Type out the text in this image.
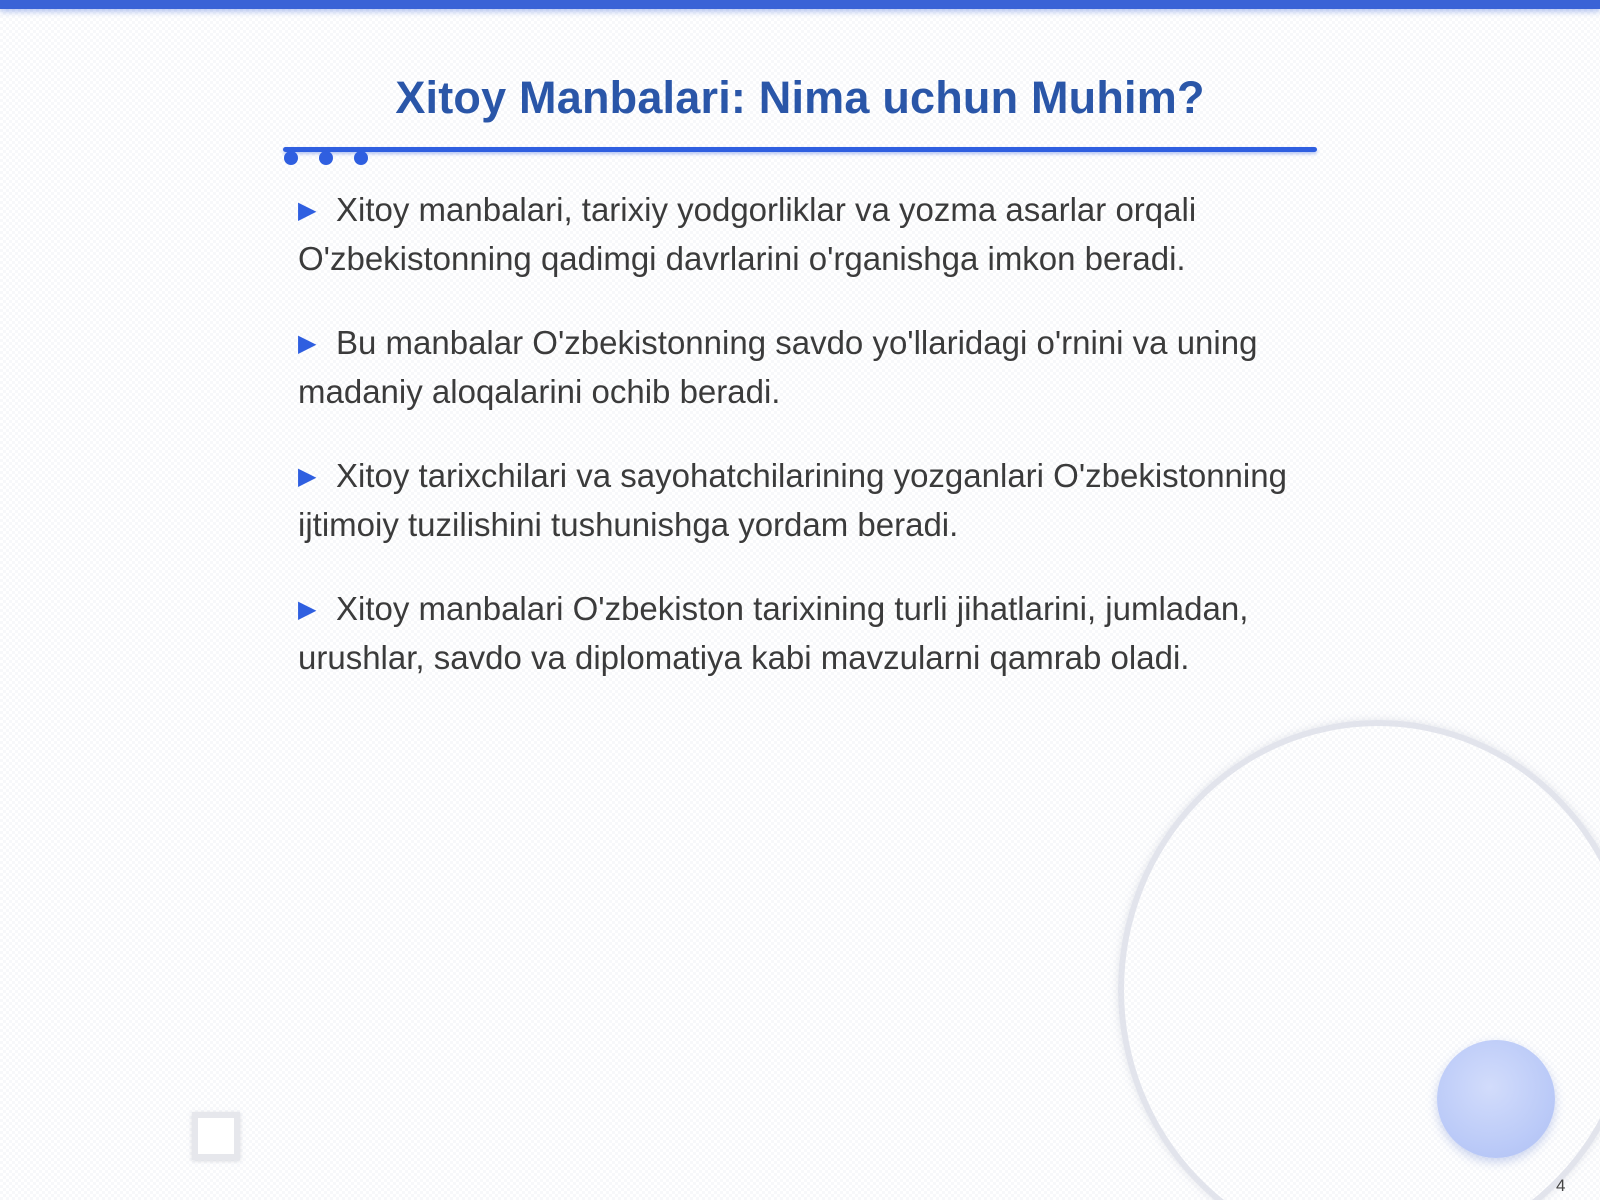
Xitoy Manbalari: Nima uchun Muhim?
▶ Xitoy manbalari, tarixiy yodgorliklar va yozma asarlar orqali O'zbekistonning qadimgi davrlarini o'rganishga imkon beradi.
▶ Bu manbalar O'zbekistonning savdo yo'llaridagi o'rnini va uning madaniy aloqalarini ochib beradi.
▶ Xitoy tarixchilari va sayohatchilarining yozganlari O'zbekistonning ijtimoiy tuzilishini tushunishga yordam beradi.
▶ Xitoy manbalari O'zbekiston tarixining turli jihatlarini, jumladan, urushlar, savdo va diplomatiya kabi mavzularni qamrab oladi.
4
